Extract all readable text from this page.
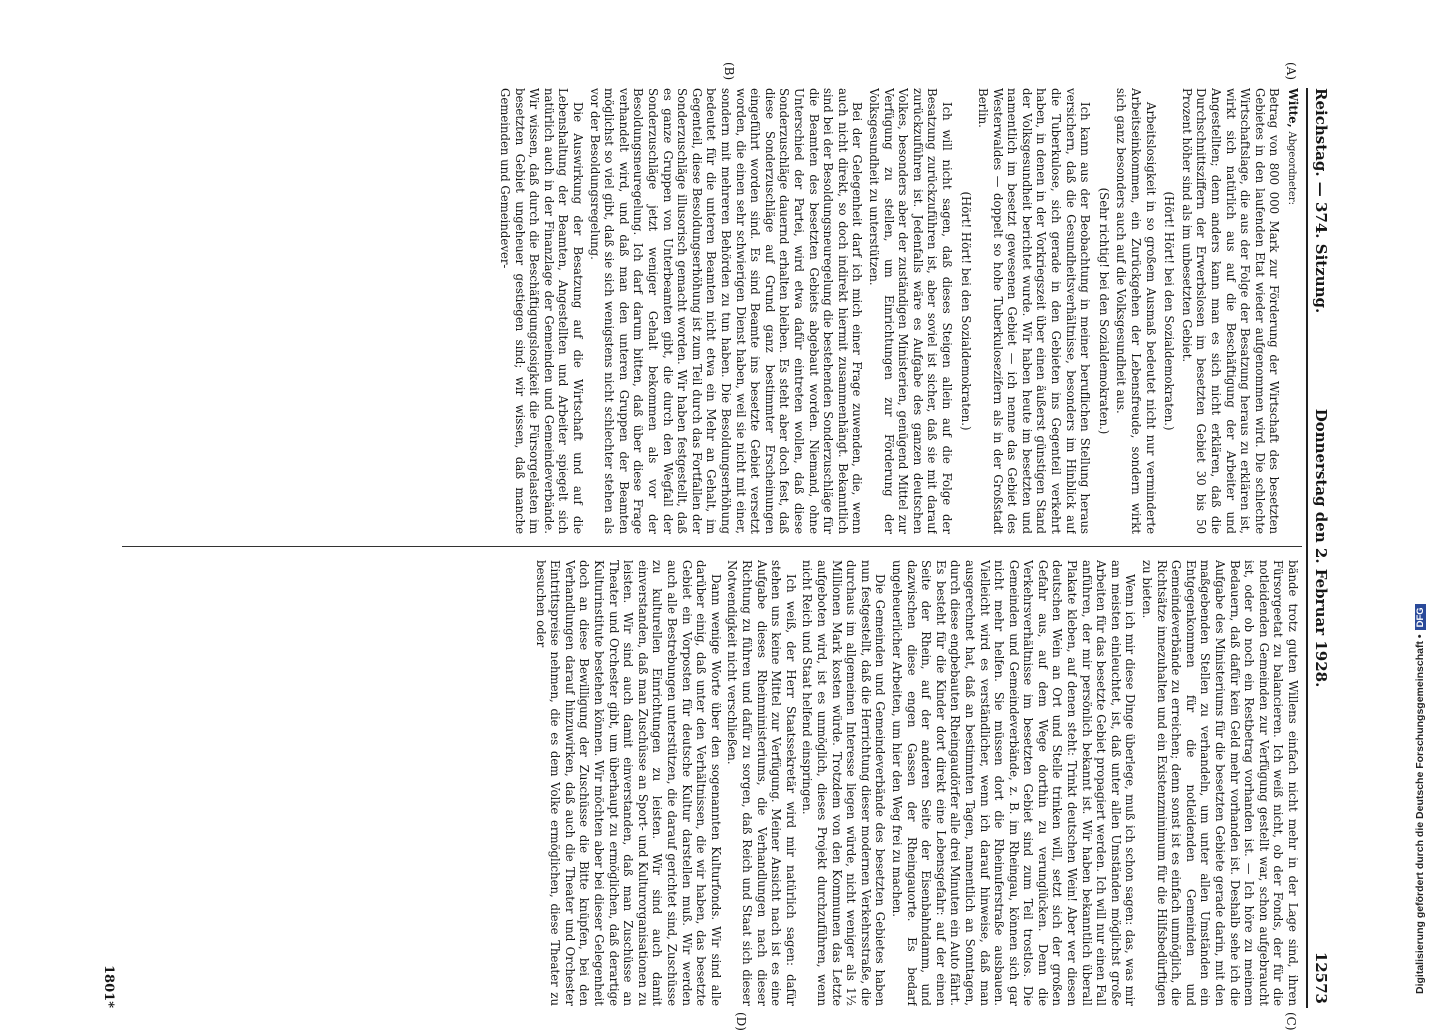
Reichstag. — 374. Sitzung.
Donnerstag den 2. Februar 1928.
12573
(A)
(B)
(C)
(D)

Witte, Abgeordneter:

Betrag von 800 000 Mark zur Förderung der Wirtschaft des besetzten Gebietes in den laufenden Etat wieder aufgenommen wird. Die schlechte Wirtschaftslage, die aus der Folge der Besatzung heraus zu erklären ist, wirkt sich natürlich aus auf die Beschäftigung der Arbeiter und Angestellten; denn anders kann man es sich nicht erklären, daß die Durchschnittsziffern der Erwerbslosen im besetzten Gebiet 30 bis 50 Prozent höher sind als im unbesetzten Gebiet.

(Hört! Hört! bei den Sozialdemokraten.)

Arbeitslosigkeit in so großem Ausmaß bedeutet nicht nur verminderte Arbeitseinkommen, ein Zurückgehen der Lebensfreude, sondern wirkt sich ganz besonders auch auf die Volksgesundheit aus.

(Sehr richtig! bei den Sozialdemokraten.)

Ich kann aus der Beobachtung in meiner beruflichen Stellung heraus versichern, daß die Gesundheitsverhältnisse, besonders im Hinblick auf die Tuberkulose, sich gerade in den Gebieten ins Gegenteil verkehrt haben, in denen in der Vorkriegszeit über einen äußerst günstigen Stand der Volksgesundheit berichtet wurde. Wir haben heute im besetzten und namentlich im besetzt gewesenen Gebiet — ich nenne das Gebiet des Westerwaldes — doppelt so hohe Tuberkulosezifern als in der Großstadt Berlin.

(Hört! Hört! bei den Sozialdemokraten.)

Ich will nicht sagen, daß dieses Steigen allein auf die Folge der Besatzung zurückzuführen ist, aber soviel ist sicher, daß sie mit darauf zurückzuführen ist. Jedenfalls wäre es Aufgabe des ganzen deutschen Volkes, besonders aber der zuständigen Ministerien, genügend Mittel zur Verfügung zu stellen, um Einrichtungen zur Förderung der Volksgesundheit zu unterstützen.

Bei der Gelegenheit darf ich mich einer Frage zuwenden, die, wenn auch nicht direkt, so doch indirekt hiermit zusammenhängt. Bekanntlich sind bei der Besoldungsneuregelung die bestehenden Sonderzuschläge für die Beamten des besetzten Gebiets abgebaut worden. Niemand, ohne Unterschied der Partei, wird etwa dafür eintreten wollen, daß diese Sonderzuschläge dauernd erhalten bleiben. Es steht aber doch fest, daß diese Sonderzuschläge auf Grund ganz bestimmter Erscheinungen eingeführt worden sind. Es sind Beamte ins besetzte Gebiet versetzt worden, die einen sehr schwierigen Dienst haben, weil sie nicht mit einer, sondern mit mehreren Behörden zu tun haben. Die Besoldungserhöhung bedeutet für die unteren Beamten nicht etwa ein Mehr an Gehalt, im Gegenteil, diese Besoldungserhöhung ist zum Teil durch das Fortfallen der Sonderzuschläge illusorisch gemacht worden. Wir haben festgestellt, daß es ganze Gruppen von Unterbeamten gibt, die durch den Wegfall der Sonderzuschläge jetzt weniger Gehalt bekommen als vor der Besoldungsneuregelung. Ich darf darum bitten, daß über diese Frage verhandelt wird, und daß man den unteren Gruppen der Beamten möglichst so viel gibt, daß sie sich wenigstens nicht schlechter stehen als vor der Besoldungsregelung.

Die Auswirkung der Besatzung auf die Wirtschaft und auf die Lebenshaltung der Beamten, Angestellten und Arbeiter spiegelt sich natürlich auch in der Finanzlage der Gemeinden und Gemeindeverbände. Wir wissen, daß durch die Beschäftigungslosigkeit die Fürsorgelasten im besetzten Gebiet ungeheuer gestiegen sind; wir wissen, daß manche Gemeinden und Gemeindever-

bände trotz guten Willens einfach nicht mehr in der Lage sind, ihren Fürsorgeetat zu balancieren. Ich weiß nicht, ob der Fonds, der für die notleidenden Gemeinden zur Verfügung gestellt war, schon aufgebraucht ist, oder ob noch ein Restbetrag vorhanden ist. — Ich höre zu meinem Bedauern, daß dafür kein Geld mehr vorhanden ist. Deshalb sehe ich die Aufgabe des Ministeriums für die besetzten Gebiete gerade darin, mit den maßgebenden Stellen zu verhandeln, um unter allen Umständen ein Entgegenkommen für die notleidenden Gemeinden und Gemeindeverbände zu erreichen; denn sonst ist es einfach unmöglich, die Richtsätze innezuhalten und ein Existenzminimum für die Hilfsbedürftigen zu bieten.

Wenn ich mir diese Dinge überlege, muß ich schon sagen: das, was mir am meisten einleuchtet, ist, daß unter allen Umständen möglichst große Arbeiten für das besetzte Gebiet propagiert werden. Ich will nur einen Fall anführen, der mir persönlich bekannt ist. Wir haben bekanntlich überall Plakate kleben, auf denen steht: Trinkt deutschen Wein! Aber wer diesen deutschen Wein an Ort und Stelle trinken will, setzt sich der großen Gefahr aus, auf dem Wege dorthin zu verunglücken. Denn die Verkehrsverhältnisse im besetzten Gebiet sind zum Teil trostlos. Die Gemeinden und Gemeindeverbände, z. B. im Rheingau, können sich gar nicht mehr helfen. Sie müssen dort die Rheinuferstraße ausbauen. Vielleicht wird es verständlicher, wenn ich darauf hinweise, daß man ausgerechnet hat, daß an bestimmten Tagen, namentlich an Sonntagen, durch diese engbebauten Rheingaudörfer alle drei Minuten ein Auto fährt. Es besteht für die Kinder dort direkt eine Lebensgefahr: auf der einen Seite der Rhein, auf der anderen Seite der Eisenbahndamm, und dazwischen diese engen Gassen der Rheingauorte. Es bedarf ungeheuerlicher Arbeiten, um hier den Weg frei zu machen.

Die Gemeinden und Gemeindeverbände des besetzten Gebietes haben nun festgestellt, daß die Herrichtung dieser modernen Verkehrsstraße, die durchaus im allgemeinen Interesse liegen würde, nicht weniger als 1½ Millionen Mark kosten würde. Trotzdem von den Kommunen das Letzte aufgeboten wird, ist es unmöglich, dieses Projekt durchzuführen, wenn nicht Reich und Staat helfend einspringen.

Ich weiß, der Herr Staatssekretär wird mir natürlich sagen: dafür stehen uns keine Mittel zur Verfügung. Meiner Ansicht nach ist es eine Aufgabe dieses Rheinministeriums, die Verhandlungen nach dieser Richtung zu führen und dafür zu sorgen, daß Reich und Staat sich dieser Notwendigkeit nicht verschließen.

Dann wenige Worte über den sogenannten Kulturfonds. Wir sind alle darüber einig, daß unter den Verhältnissen, die wir haben, das besetzte Gebiet ein Vorposten für deutsche Kultur darstellen muß. Wir werden auch alle Bestrebungen unterstützen, die darauf gerichtet sind, Zuschüsse zu kulturellen Einrichtungen zu leisten. Wir sind auch damit einverstanden, daß man Zuschüsse an Sport- und Kulturorganisationen zu leisten. Wir sind auch damit einverstanden, daß man Zuschüsse an Theater und Orchester gibt, um überhaupt zu ermöglichen, daß derartige Kulturinstitute bestehen können. Wir möchten aber bei dieser Gelegenheit doch an diese Bewilligung der Zuschüsse die Bitte knüpfen, bei den Verhandlungen darauf hinzuwirken, daß auch die Theater und Orchester Eintrittspreise nehmen, die es dem Volke ermöglichen, diese Theater zu besuchen oder

1801*	Digitalisierung gefördert durch die Deutsche Forschungsgemeinschaft •DFG
